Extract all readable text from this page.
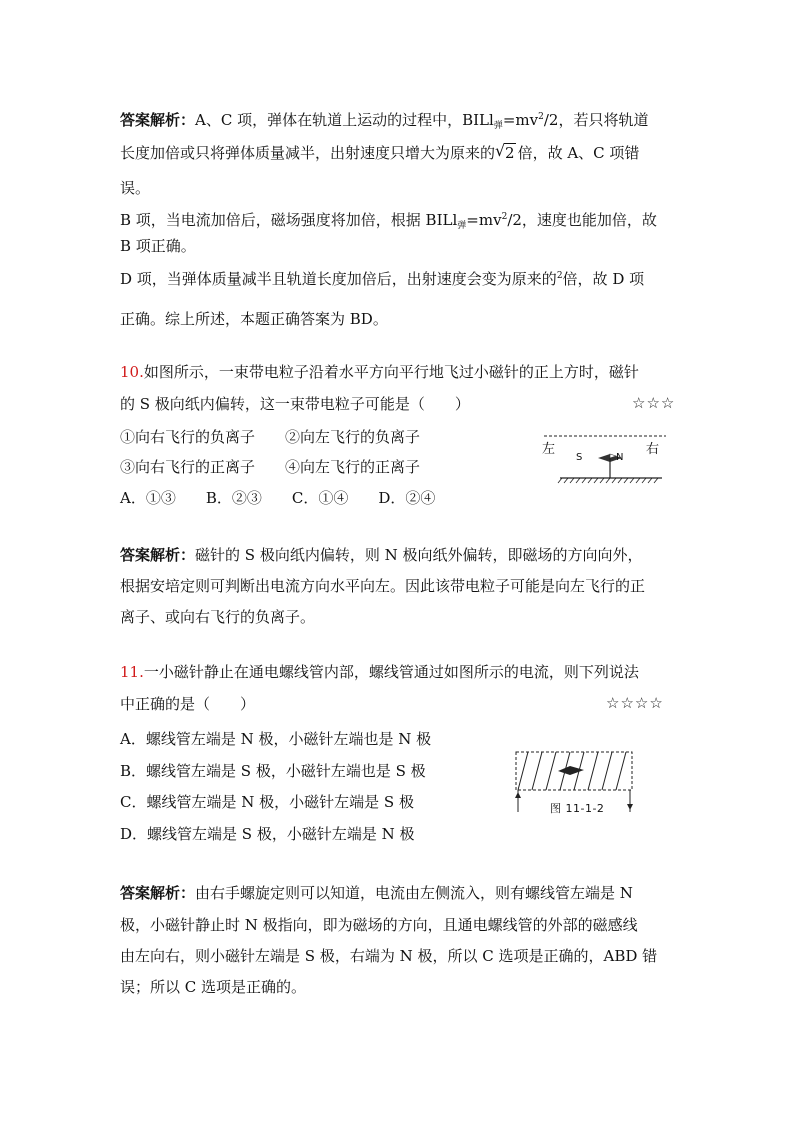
答案解析：A、C 项，弹体在轨道上运动的过程中，$BILl_弹=mv^2/2$，若只将轨道
长度加倍或只将弹体质量减半，出射速度只增大为原来的 √ 2 倍，故 A、C 项错
误。
B 项，当电流加倍后，磁场强度将加倍，根据 $BILl_弹=mv^2/2$，速度也能加倍，故
B 项正确。
D 项，当弹体质量减半且轨道长度加倍后，出射速度会变为原来的$^2$倍，故 D 项
正确。综上所述，本题正确答案为 BD。
10.如图所示，一束带电粒子沿着水平方向平行地飞过小磁针的正上方时，磁针
的 S 极向纸内偏转，这一束带电粒子可能是（　　）	☆☆☆
①向右飞行的负离子　　②向左飞行的负离子
③向右飞行的正离子　　④向左飞行的正离子
A．①③　　B．②③　　C．①④　　D．②④
左	右
S	N
答案解析：磁针的 S 极向纸内偏转，则 N 极向纸外偏转，即磁场的方向向外，
根据安培定则可判断出电流方向水平向左。因此该带电粒子可能是向左飞行的正
离子、或向右飞行的负离子。
11.一小磁针静止在通电螺线管内部，螺线管通过如图所示的电流，则下列说法
中正确的是（　　）	☆☆☆☆
A．螺线管左端是 N 极，小磁针左端也是 N 极
B．螺线管左端是 S 极，小磁针左端也是 S 极
C．螺线管左端是 N 极，小磁针左端是 S 极
D．螺线管左端是 S 极，小磁针左端是 N 极
图 11-1-2
答案解析：由右手螺旋定则可以知道，电流由左侧流入，则有螺线管左端是 N
极，小磁针静止时 N 极指向，即为磁场的方向，且通电螺线管的外部的磁感线
由左向右，则小磁针左端是 S 极，右端为 N 极，所以 C 选项是正确的，ABD 错
误；所以 C 选项是正确的。
